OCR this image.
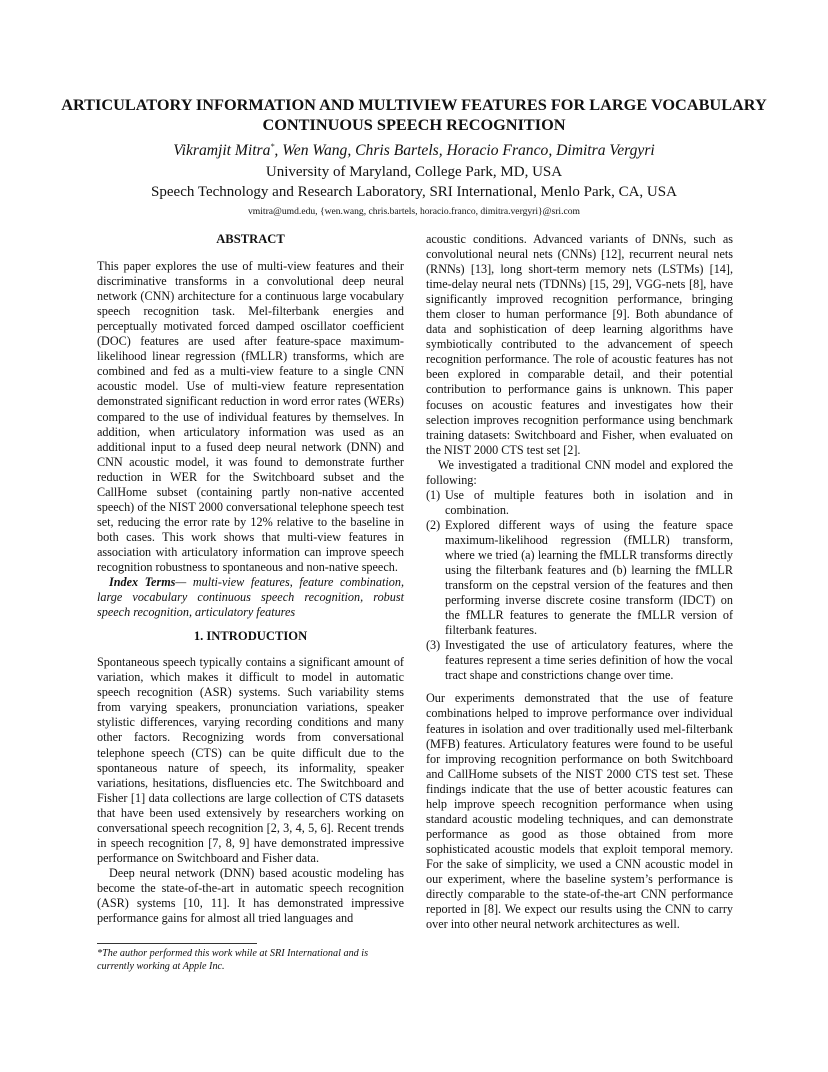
ARTICULATORY INFORMATION AND MULTIVIEW FEATURES FOR LARGE VOCABULARY CONTINUOUS SPEECH RECOGNITION
Vikramjit Mitra*, Wen Wang, Chris Bartels, Horacio Franco, Dimitra Vergyri
University of Maryland, College Park, MD, USA
Speech Technology and Research Laboratory, SRI International, Menlo Park, CA, USA
vmitra@umd.edu, {wen.wang, chris.bartels, horacio.franco, dimitra.vergyri}@sri.com
ABSTRACT

This paper explores the use of multi-view features and their discriminative transforms in a convolutional deep neural network (CNN) architecture for a continuous large vocabulary speech recognition task. Mel-filterbank energies and perceptually motivated forced damped oscillator coefficient (DOC) features are used after feature-space maximum-likelihood linear regression (fMLLR) transforms, which are combined and fed as a multi-view feature to a single CNN acoustic model. Use of multi-view feature representation demonstrated significant reduction in word error rates (WERs) compared to the use of individual features by themselves. In addition, when articulatory information was used as an additional input to a fused deep neural network (DNN) and CNN acoustic model, it was found to demonstrate further reduction in WER for the Switchboard subset and the CallHome subset (containing partly non-native accented speech) of the NIST 2000 conversational telephone speech test set, reducing the error rate by 12% relative to the baseline in both cases. This work shows that multi-view features in association with articulatory information can improve speech recognition robustness to spontaneous and non-native speech.

Index Terms— multi-view features, feature combination, large vocabulary continuous speech recognition, robust speech recognition, articulatory features

1. INTRODUCTION

Spontaneous speech typically contains a significant amount of variation, which makes it difficult to model in automatic speech recognition (ASR) systems. Such variability stems from varying speakers, pronunciation variations, speaker stylistic differences, varying recording conditions and many other factors. Recognizing words from conversational telephone speech (CTS) can be quite difficult due to the spontaneous nature of speech, its informality, speaker variations, hesitations, disfluencies etc. The Switchboard and Fisher [1] data collections are large collection of CTS datasets that have been used extensively by researchers working on conversational speech recognition [2, 3, 4, 5, 6]. Recent trends in speech recognition [7, 8, 9] have demonstrated impressive performance on Switchboard and Fisher data.

Deep neural network (DNN) based acoustic modeling has become the state-of-the-art in automatic speech recognition (ASR) systems [10, 11]. It has demonstrated impressive performance gains for almost all tried languages and

acoustic conditions. Advanced variants of DNNs, such as convolutional neural nets (CNNs) [12], recurrent neural nets (RNNs) [13], long short-term memory nets (LSTMs) [14], time-delay neural nets (TDNNs) [15, 29], VGG-nets [8], have significantly improved recognition performance, bringing them closer to human performance [9]. Both abundance of data and sophistication of deep learning algorithms have symbiotically contributed to the advancement of speech recognition performance. The role of acoustic features has not been explored in comparable detail, and their potential contribution to performance gains is unknown. This paper focuses on acoustic features and investigates how their selection improves recognition performance using benchmark training datasets: Switchboard and Fisher, when evaluated on the NIST 2000 CTS test set [2].

We investigated a traditional CNN model and explored the following:

(1) Use of multiple features both in isolation and in combination.
(2) Explored different ways of using the feature space maximum-likelihood regression (fMLLR) transform, where we tried (a) learning the fMLLR transforms directly using the filterbank features and (b) learning the fMLLR transform on the cepstral version of the features and then performing inverse discrete cosine transform (IDCT) on the fMLLR features to generate the fMLLR version of filterbank features.
(3) Investigated the use of articulatory features, where the features represent a time series definition of how the vocal tract shape and constrictions change over time.

Our experiments demonstrated that the use of feature combinations helped to improve performance over individual features in isolation and over traditionally used mel-filterbank (MFB) features. Articulatory features were found to be useful for improving recognition performance on both Switchboard and CallHome subsets of the NIST 2000 CTS test set. These findings indicate that the use of better acoustic features can help improve speech recognition performance when using standard acoustic modeling techniques, and can demonstrate performance as good as those obtained from more sophisticated acoustic models that exploit temporal memory. For the sake of simplicity, we used a CNN acoustic model in our experiment, where the baseline system’s performance is directly comparable to the state-of-the-art CNN performance reported in [8]. We expect our results using the CNN to carry over into other neural network architectures as well.

*The author performed this work while at SRI International and is currently working at Apple Inc.
